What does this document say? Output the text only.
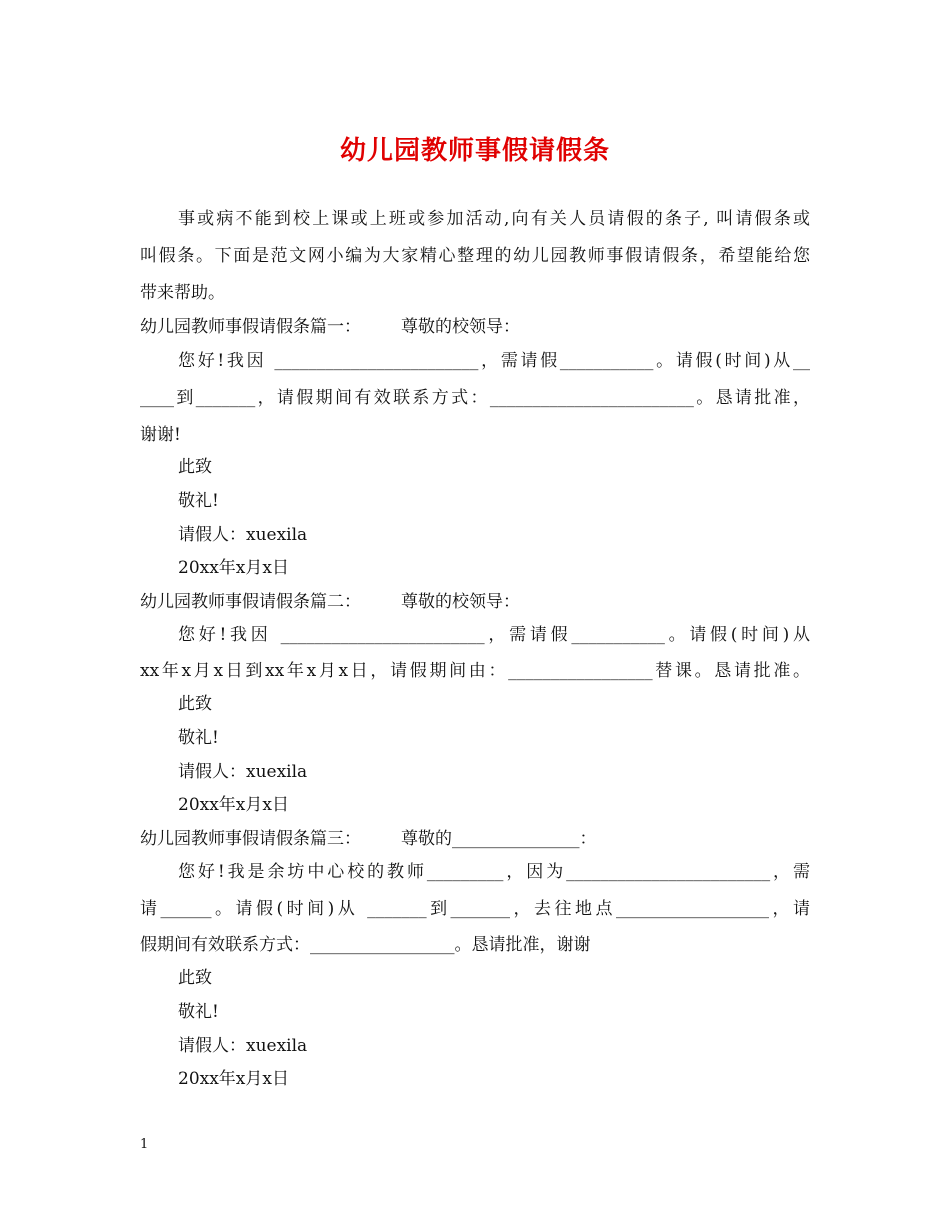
幼儿园教师事假请假条

事或病不能到校上课或上班或参加活动,向有关人员请假的条子, 叫请假条或

叫假条。下面是范文网小编为大家精心整理的幼儿园教师事假请假条，希望能给您

带来帮助。

幼儿园教师事假请假条篇一： 尊敬的校领导：

您好!我因 ________________________，需请假___________。请假(时间)从__

____到_______，请假期间有效联系方式：________________________。恳请批准，

谢谢!

此致

敬礼!

请假人：xuexila

20xx年x月x日

幼儿园教师事假请假条篇二： 尊敬的校领导：

您好!我因 ________________________，需请假___________。请假(时间)从

xx年x月x日到xx年x月x日，请假期间由：_________________替课。恳请批准。

此致

敬礼!

请假人：xuexila

20xx年x月x日

幼儿园教师事假请假条篇三： 尊敬的_______________：

您好!我是余坊中心校的教师_________，因为________________________，需

请______。请假(时间)从 _______到_______，去往地点__________________，请

假期间有效联系方式：_________________。恳请批准，谢谢

此致

敬礼!

请假人：xuexila

20xx年x月x日

1
